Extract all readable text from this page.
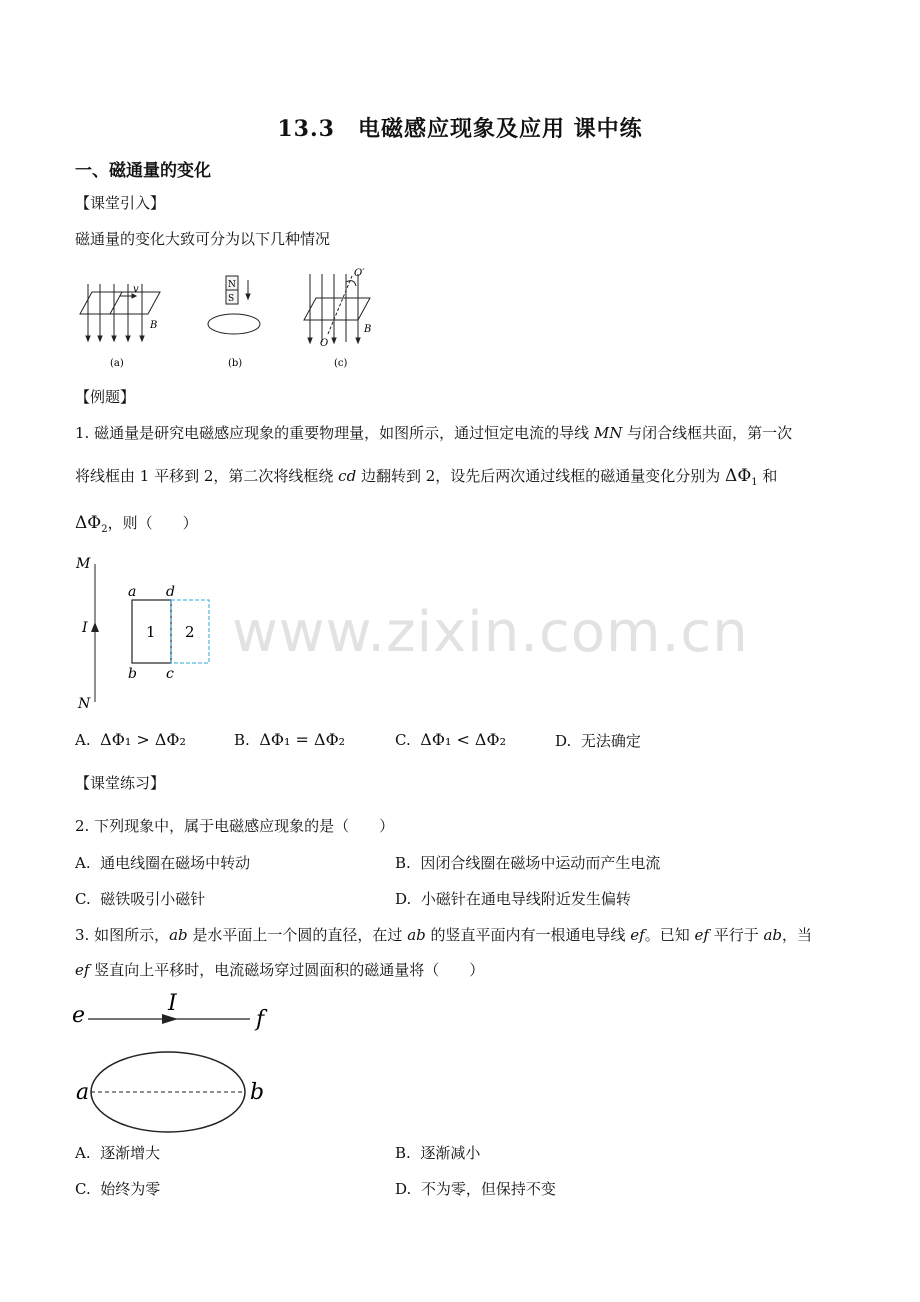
13.3　电磁感应现象及应用 课中练
一、磁通量的变化
【课堂引入】
磁通量的变化大致可分为以下几种情况
v
B
(a)
N
S
(b)
O′
O
B
(c)
【例题】
1. 磁通量是研究电磁感应现象的重要物理量，如图所示，通过恒定电流的导线 MN 与闭合线框共面，第一次
将线框由 1 平移到 2，第二次将线框绕 cd 边翻转到 2，设先后两次通过线框的磁通量变化分别为 $\Delta\Phi_1$ 和
$\Delta\Phi_2$，则（　　）
M
N
I
a d
b c
1 2
A. ΔΦ₁ > ΔΦ₂	B. ΔΦ₁ = ΔΦ₂	C. ΔΦ₁ < ΔΦ₂	D. 无法确定
【课堂练习】
2. 下列现象中，属于电磁感应现象的是（　　）
A. 通电线圈在磁场中转动	B. 因闭合线圈在磁场中运动而产生电流
C. 磁铁吸引小磁针	D. 小磁针在通电导线附近发生偏转
3. 如图所示，ab 是水平面上一个圆的直径，在过 ab 的竖直平面内有一根通电导线 ef。已知 ef 平行于 ab，当
ef 竖直向上平移时，电流磁场穿过圆面积的磁通量将（　　）
e	f
I
a	b
A. 逐渐增大	B. 逐渐减小
C. 始终为零	D. 不为零，但保持不变
www.zixin.com.cn
